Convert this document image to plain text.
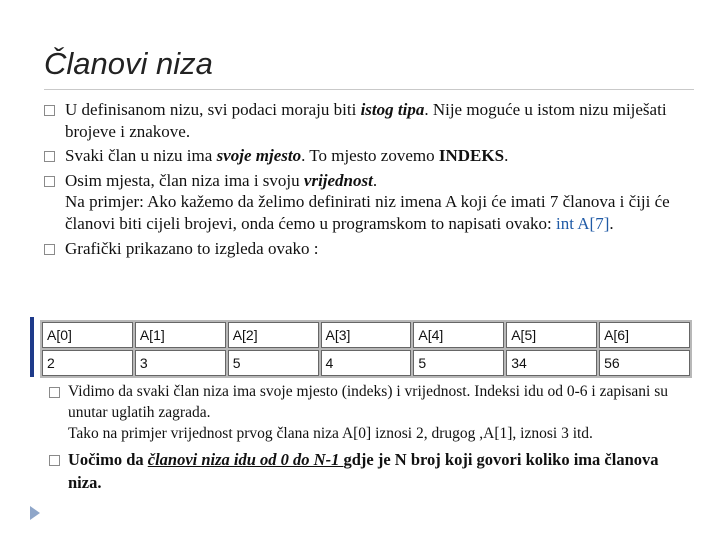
Članovi niza
U definisanom nizu, svi podaci moraju biti istog tipa. Nije moguće u istom nizu miješati brojeve i znakove.
Svaki član u nizu ima svoje mjesto. To mjesto zovemo INDEKS.
Osim mjesta, član niza ima i svoju vrijednost.
Na primjer: Ako kažemo da želimo definirati niz imena A koji će imati 7 članova i čiji će članovi biti cijeli brojevi, onda ćemo u programskom to napisati ovako: int A[7].
Grafički prikazano to izgleda ovako :
A[0]	A[1]	A[2]	A[3]	A[4]	A[5]	A[6]
2	3	5	4	5	34	56
Vidimo da svaki član niza ima svoje mjesto (indeks) i vrijednost. Indeksi idu od 0-6 i zapisani su unutar uglatih zagrada.
Tako na primjer vrijednost prvog člana niza A[0] iznosi 2, drugog ,A[1], iznosi 3 itd.
Uočimo da članovi niza idu od 0 do N-1 gdje je N broj koji govori koliko ima članova niza.
